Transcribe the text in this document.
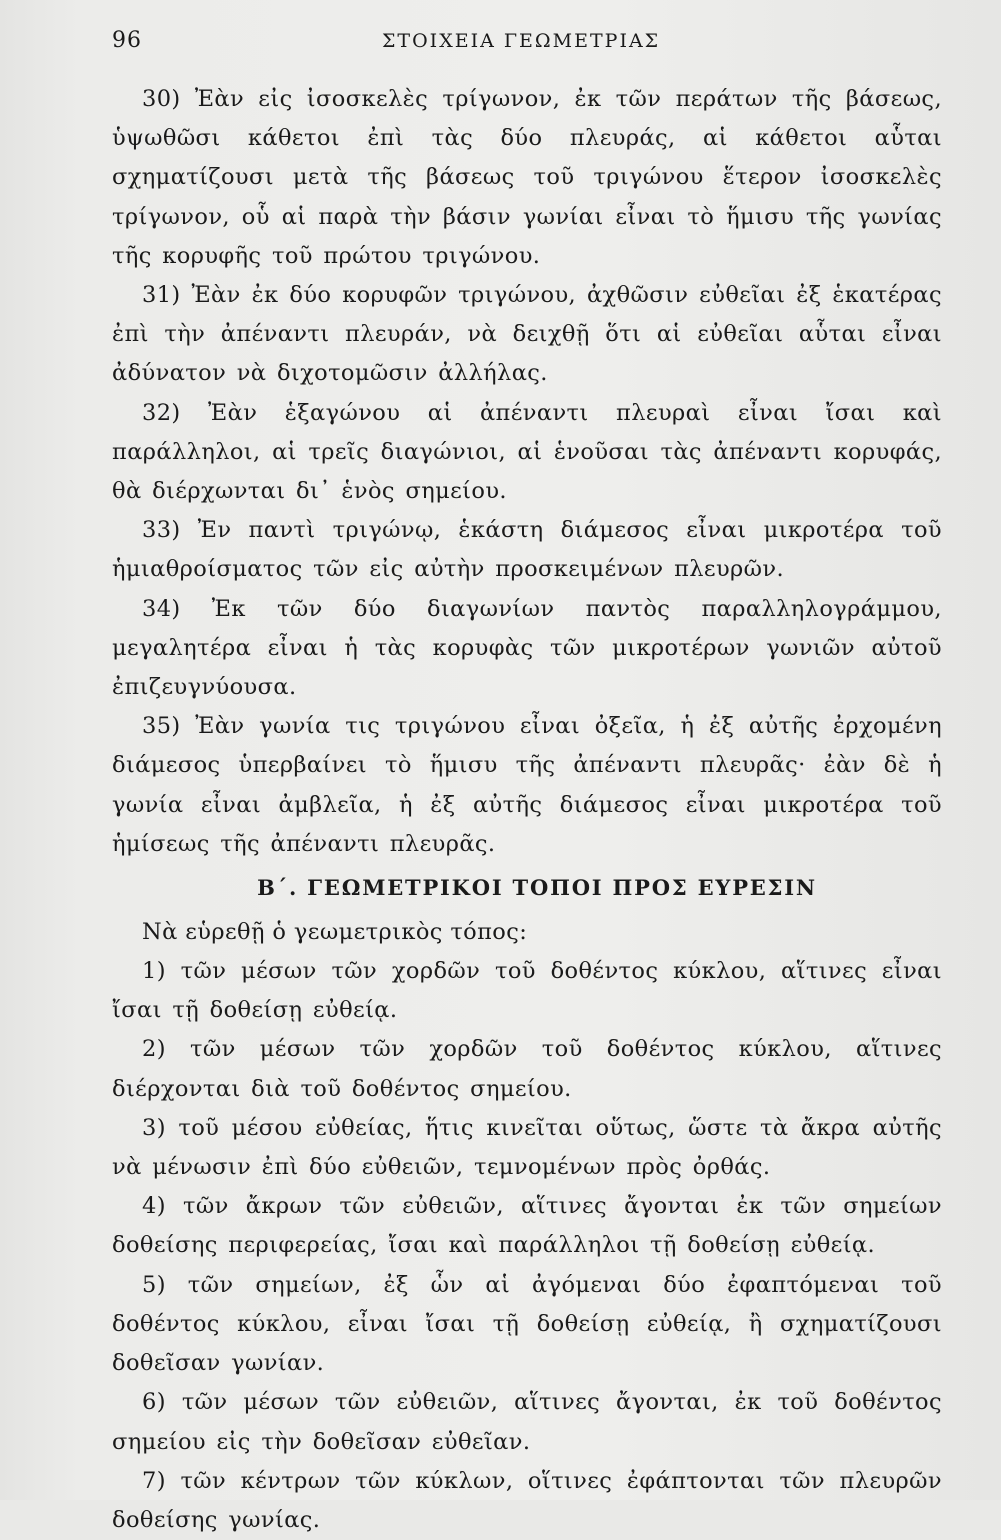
96	ΣΤΟΙΧΕΙΑ ΓΕΩΜΕΤΡΙΑΣ

30) Ἐὰν εἰς ἰσοσκελὲς τρίγωνον, ἐκ τῶν περάτων τῆς βάσεως, ὑψωθῶσι κάθετοι ἐπὶ τὰς δύο πλευράς, αἱ κάθετοι αὗται σχηματίζουσι μετὰ τῆς βάσεως τοῦ τριγώνου ἕτερον ἰσοσκελὲς τρίγωνον, οὗ αἱ παρὰ τὴν βάσιν γωνίαι εἶναι τὸ ἥμισυ τῆς γωνίας τῆς κορυφῆς τοῦ πρώτου τριγώνου.

31) Ἐὰν ἐκ δύο κορυφῶν τριγώνου, ἀχθῶσιν εὐθεῖαι ἐξ ἑκατέρας ἐπὶ τὴν ἀπέναντι πλευράν, νὰ δειχθῇ ὅτι αἱ εὐθεῖαι αὗται εἶναι ἀδύνατον νὰ διχοτομῶσιν ἀλλήλας.

32) Ἐὰν ἑξαγώνου αἱ ἀπέναντι πλευραὶ εἶναι ἴσαι καὶ παράλληλοι, αἱ τρεῖς διαγώνιοι, αἱ ἑνοῦσαι τὰς ἀπέναντι κορυφάς, θὰ διέρχωνται δι᾽ ἑνὸς σημείου.

33) Ἐν παντὶ τριγώνῳ, ἑκάστη διάμεσος εἶναι μικροτέρα τοῦ ἡμιαθροίσματος τῶν εἰς αὐτὴν προσκειμένων πλευρῶν.

34) Ἐκ τῶν δύο διαγωνίων παντὸς παραλληλογράμμου, μεγαλητέρα εἶναι ἡ τὰς κορυφὰς τῶν μικροτέρων γωνιῶν αὐτοῦ ἐπιζευγνύουσα.

35) Ἐὰν γωνία τις τριγώνου εἶναι ὀξεῖα, ἡ ἐξ αὐτῆς ἐρχομένη διάμεσος ὑπερβαίνει τὸ ἥμισυ τῆς ἀπέναντι πλευρᾶς· ἐὰν δὲ ἡ γωνία εἶναι ἀμβλεῖα, ἡ ἐξ αὐτῆς διάμεσος εἶναι μικροτέρα τοῦ ἡμίσεως τῆς ἀπέναντι πλευρᾶς.

Β΄. ΓΕΩΜΕΤΡΙΚΟΙ ΤΟΠΟΙ ΠΡΟΣ ΕΥΡΕΣΙΝ

Νὰ εὑρεθῇ ὁ γεωμετρικὸς τόπος:

1) τῶν μέσων τῶν χορδῶν τοῦ δοθέντος κύκλου, αἵτινες εἶναι ἴσαι τῇ δοθείσῃ εὐθείᾳ.

2) τῶν μέσων τῶν χορδῶν τοῦ δοθέντος κύκλου, αἵτινες διέρχονται διὰ τοῦ δοθέντος σημείου.

3) τοῦ μέσου εὐθείας, ἥτις κινεῖται οὕτως, ὥστε τὰ ἄκρα αὐτῆς νὰ μένωσιν ἐπὶ δύο εὐθειῶν, τεμνομένων πρὸς ὀρθάς.

4) τῶν ἄκρων τῶν εὐθειῶν, αἵτινες ἄγονται ἐκ τῶν σημείων δοθείσης περιφερείας, ἴσαι καὶ παράλληλοι τῇ δοθείσῃ εὐθείᾳ.

5) τῶν σημείων, ἐξ ὧν αἱ ἀγόμεναι δύο ἐφαπτόμεναι τοῦ δοθέντος κύκλου, εἶναι ἴσαι τῇ δοθείσῃ εὐθείᾳ, ἢ σχηματίζουσι δοθεῖσαν γωνίαν.

6) τῶν μέσων τῶν εὐθειῶν, αἵτινες ἄγονται, ἐκ τοῦ δοθέντος σημείου εἰς τὴν δοθεῖσαν εὐθεῖαν.

7) τῶν κέντρων τῶν κύκλων, οἵτινες ἐφάπτονται τῶν πλευρῶν δοθείσης γωνίας.
